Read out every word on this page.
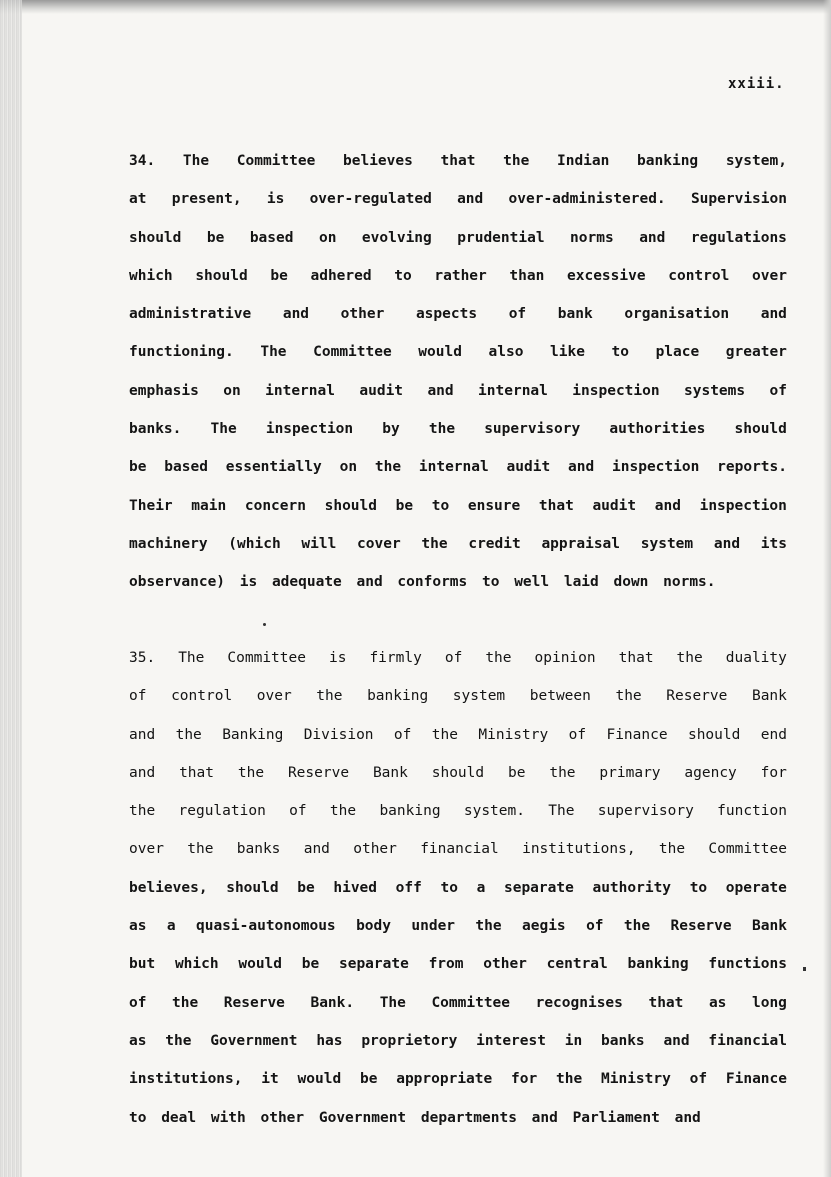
xxiii.
34. The Committee believes that the Indian banking system,
at present, is over-regulated and over-administered. Supervision
should be based on evolving prudential norms and regulations
which should be adhered to rather than excessive control over
administrative and other aspects of bank organisation and
functioning. The Committee would also like to place greater
emphasis on internal audit and internal inspection systems of
banks. The inspection by the supervisory authorities should
be based essentially on the internal audit and inspection reports.
Their main concern should be to ensure that audit and inspection
machinery (which will cover the credit appraisal system and its
observance) is adequate and conforms to well laid down norms.
35. The Committee is firmly of the opinion that the duality
of control over the banking system between the Reserve Bank
and the Banking Division of the Ministry of Finance should end
and that the Reserve Bank should be the primary agency for
the regulation of the banking system. The supervisory function
over the banks and other financial institutions, the Committee
believes, should be hived off to a separate authority to operate
as a quasi-autonomous body under the aegis of the Reserve Bank
but which would be separate from other central banking functions
of the Reserve Bank. The Committee recognises that as long
as the Government has proprietory interest in banks and financial
institutions, it would be appropriate for the Ministry of Finance
to deal with other Government departments and Parliament and
